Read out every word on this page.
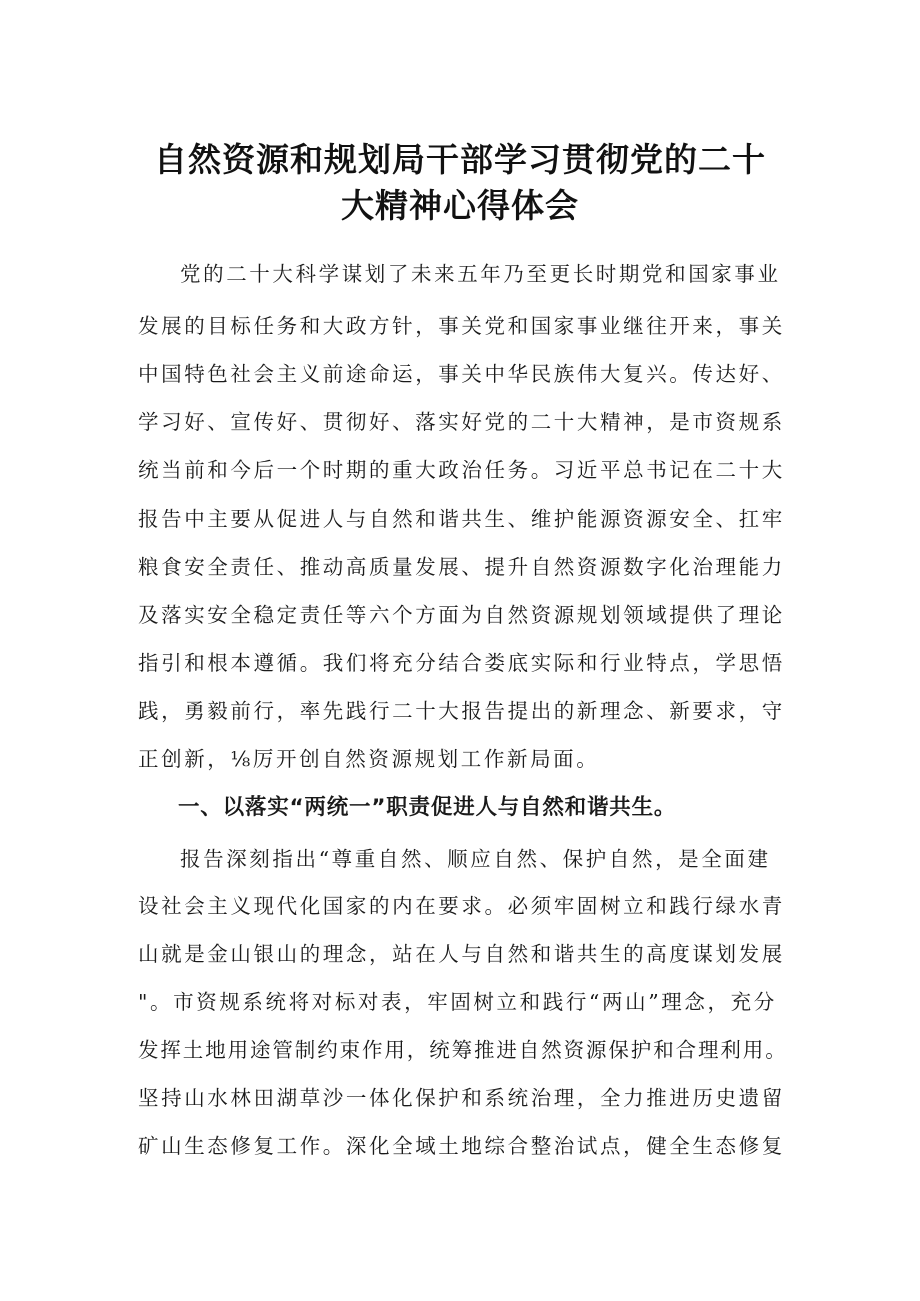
自然资源和规划局干部学习贯彻党的二十
大精神心得体会
党的二十大科学谋划了未来五年乃至更长时期党和国家事业
发展的目标任务和大政方针，事关党和国家事业继往开来，事关
中国特色社会主义前途命运，事关中华民族伟大复兴。传达好、
学习好、宣传好、贯彻好、落实好党的二十大精神，是市资规系
统当前和今后一个时期的重大政治任务。习近平总书记在二十大
报告中主要从促进人与自然和谐共生、维护能源资源安全、扛牢
粮食安全责任、推动高质量发展、提升自然资源数字化治理能力
及落实安全稳定责任等六个方面为自然资源规划领域提供了理论
指引和根本遵循。我们将充分结合娄底实际和行业特点，学思悟
践，勇毅前行，率先践行二十大报告提出的新理念、新要求，守
正创新，⅛厉开创自然资源规划工作新局面。
一、以落实“两统一”职责促进人与自然和谐共生。
报告深刻指出“尊重自然、顺应自然、保护自然，是全面建
设社会主义现代化国家的内在要求。必须牢固树立和践行绿水青
山就是金山银山的理念，站在人与自然和谐共生的高度谋划发展
"。市资规系统将对标对表，牢固树立和践行“两山”理念，充分
发挥土地用途管制约束作用，统筹推进自然资源保护和合理利用。
坚持山水林田湖草沙一体化保护和系统治理，全力推进历史遗留
矿山生态修复工作。深化全域土地综合整治试点，健全生态修复
